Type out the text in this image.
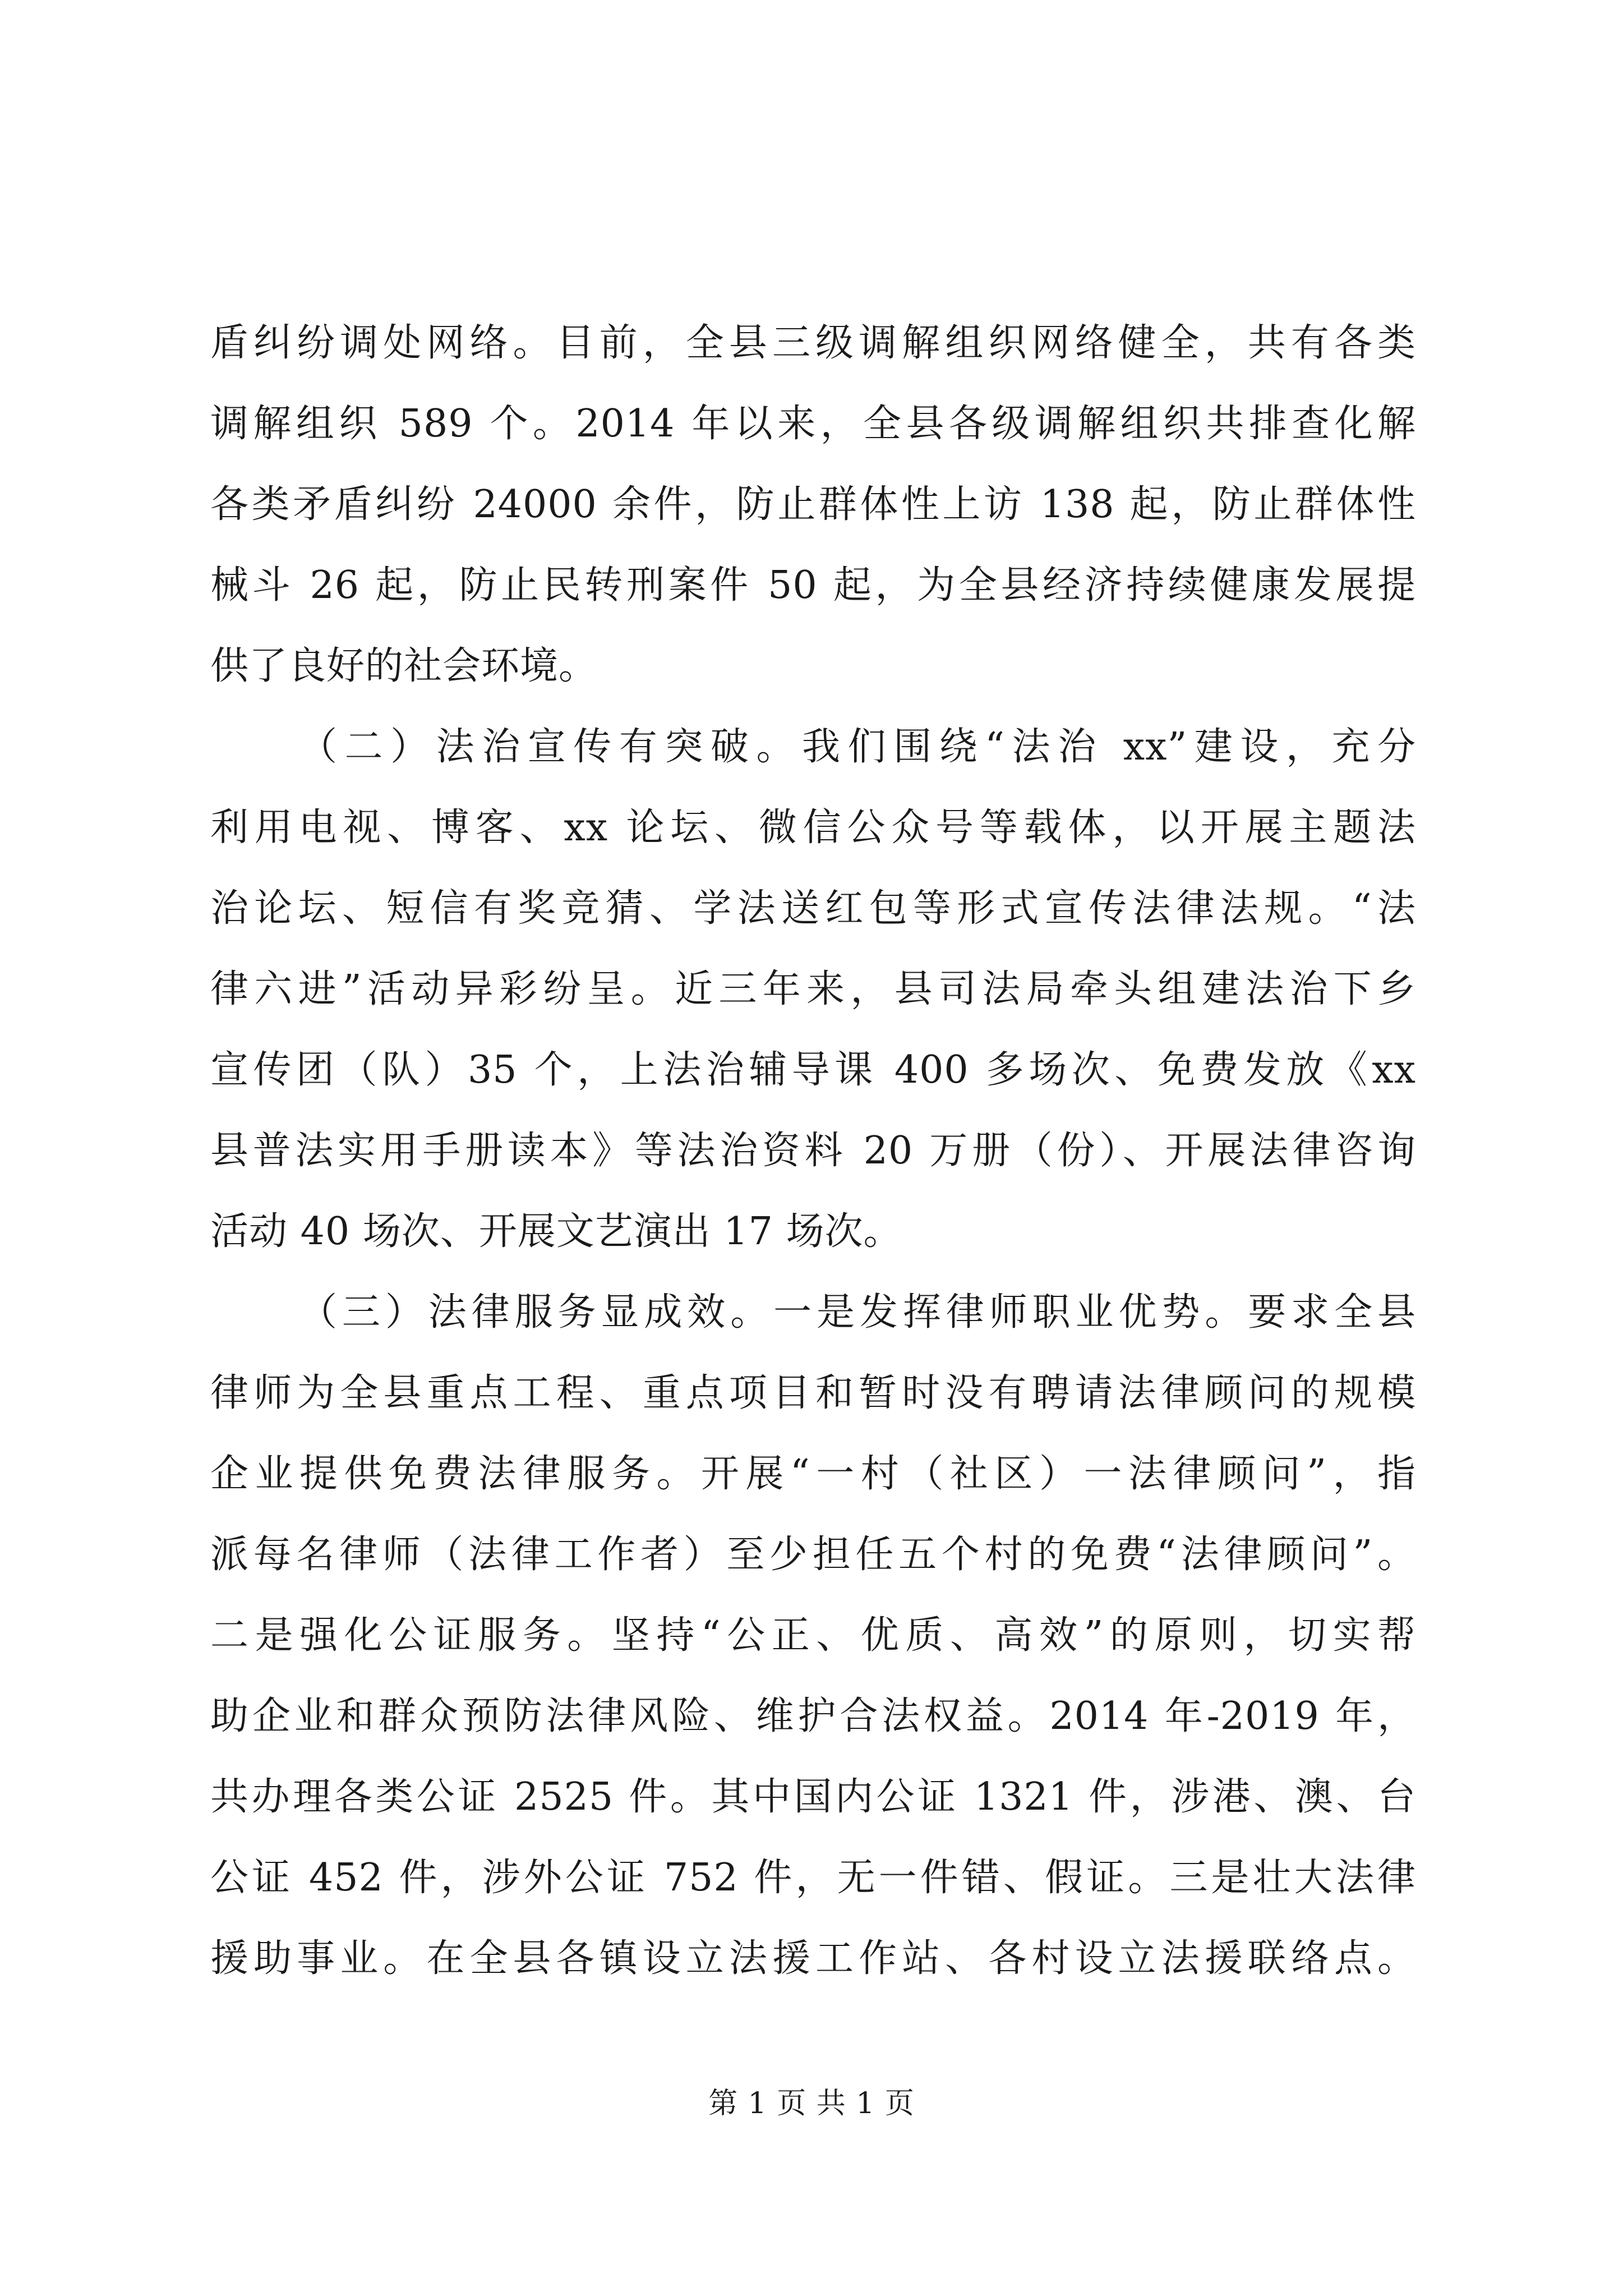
盾纠纷调处网络。目前，全县三级调解组织网络健全，共有各类
调解组织 589 个。2014 年以来，全县各级调解组织共排查化解
各类矛盾纠纷 24000 余件，防止群体性上访 138 起，防止群体性
械斗 26 起，防止民转刑案件 50 起，为全县经济持续健康发展提
供了良好的社会环境。
（二）法治宣传有突破。我们围绕“法治 xx”建设，充分
利用电视、博客、xx 论坛、微信公众号等载体，以开展主题法
治论坛、短信有奖竞猜、学法送红包等形式宣传法律法规。“法
律六进”活动异彩纷呈。近三年来，县司法局牵头组建法治下乡
宣传团（队）35 个，上法治辅导课 400 多场次、免费发放《xx
县普法实用手册读本》等法治资料 20 万册（份）、开展法律咨询
活动 40 场次、开展文艺演出 17 场次。
（三）法律服务显成效。一是发挥律师职业优势。要求全县
律师为全县重点工程、重点项目和暂时没有聘请法律顾问的规模
企业提供免费法律服务。开展“一村（社区）一法律顾问”，指
派每名律师（法律工作者）至少担任五个村的免费“法律顾问”。
二是强化公证服务。坚持“公正、优质、高效”的原则，切实帮
助企业和群众预防法律风险、维护合法权益。2014 年-2019 年，
共办理各类公证 2525 件。其中国内公证 1321 件，涉港、澳、台
公证 452 件，涉外公证 752 件，无一件错、假证。三是壮大法律
援助事业。在全县各镇设立法援工作站、各村设立法援联络点。
第 1 页 共 1 页
